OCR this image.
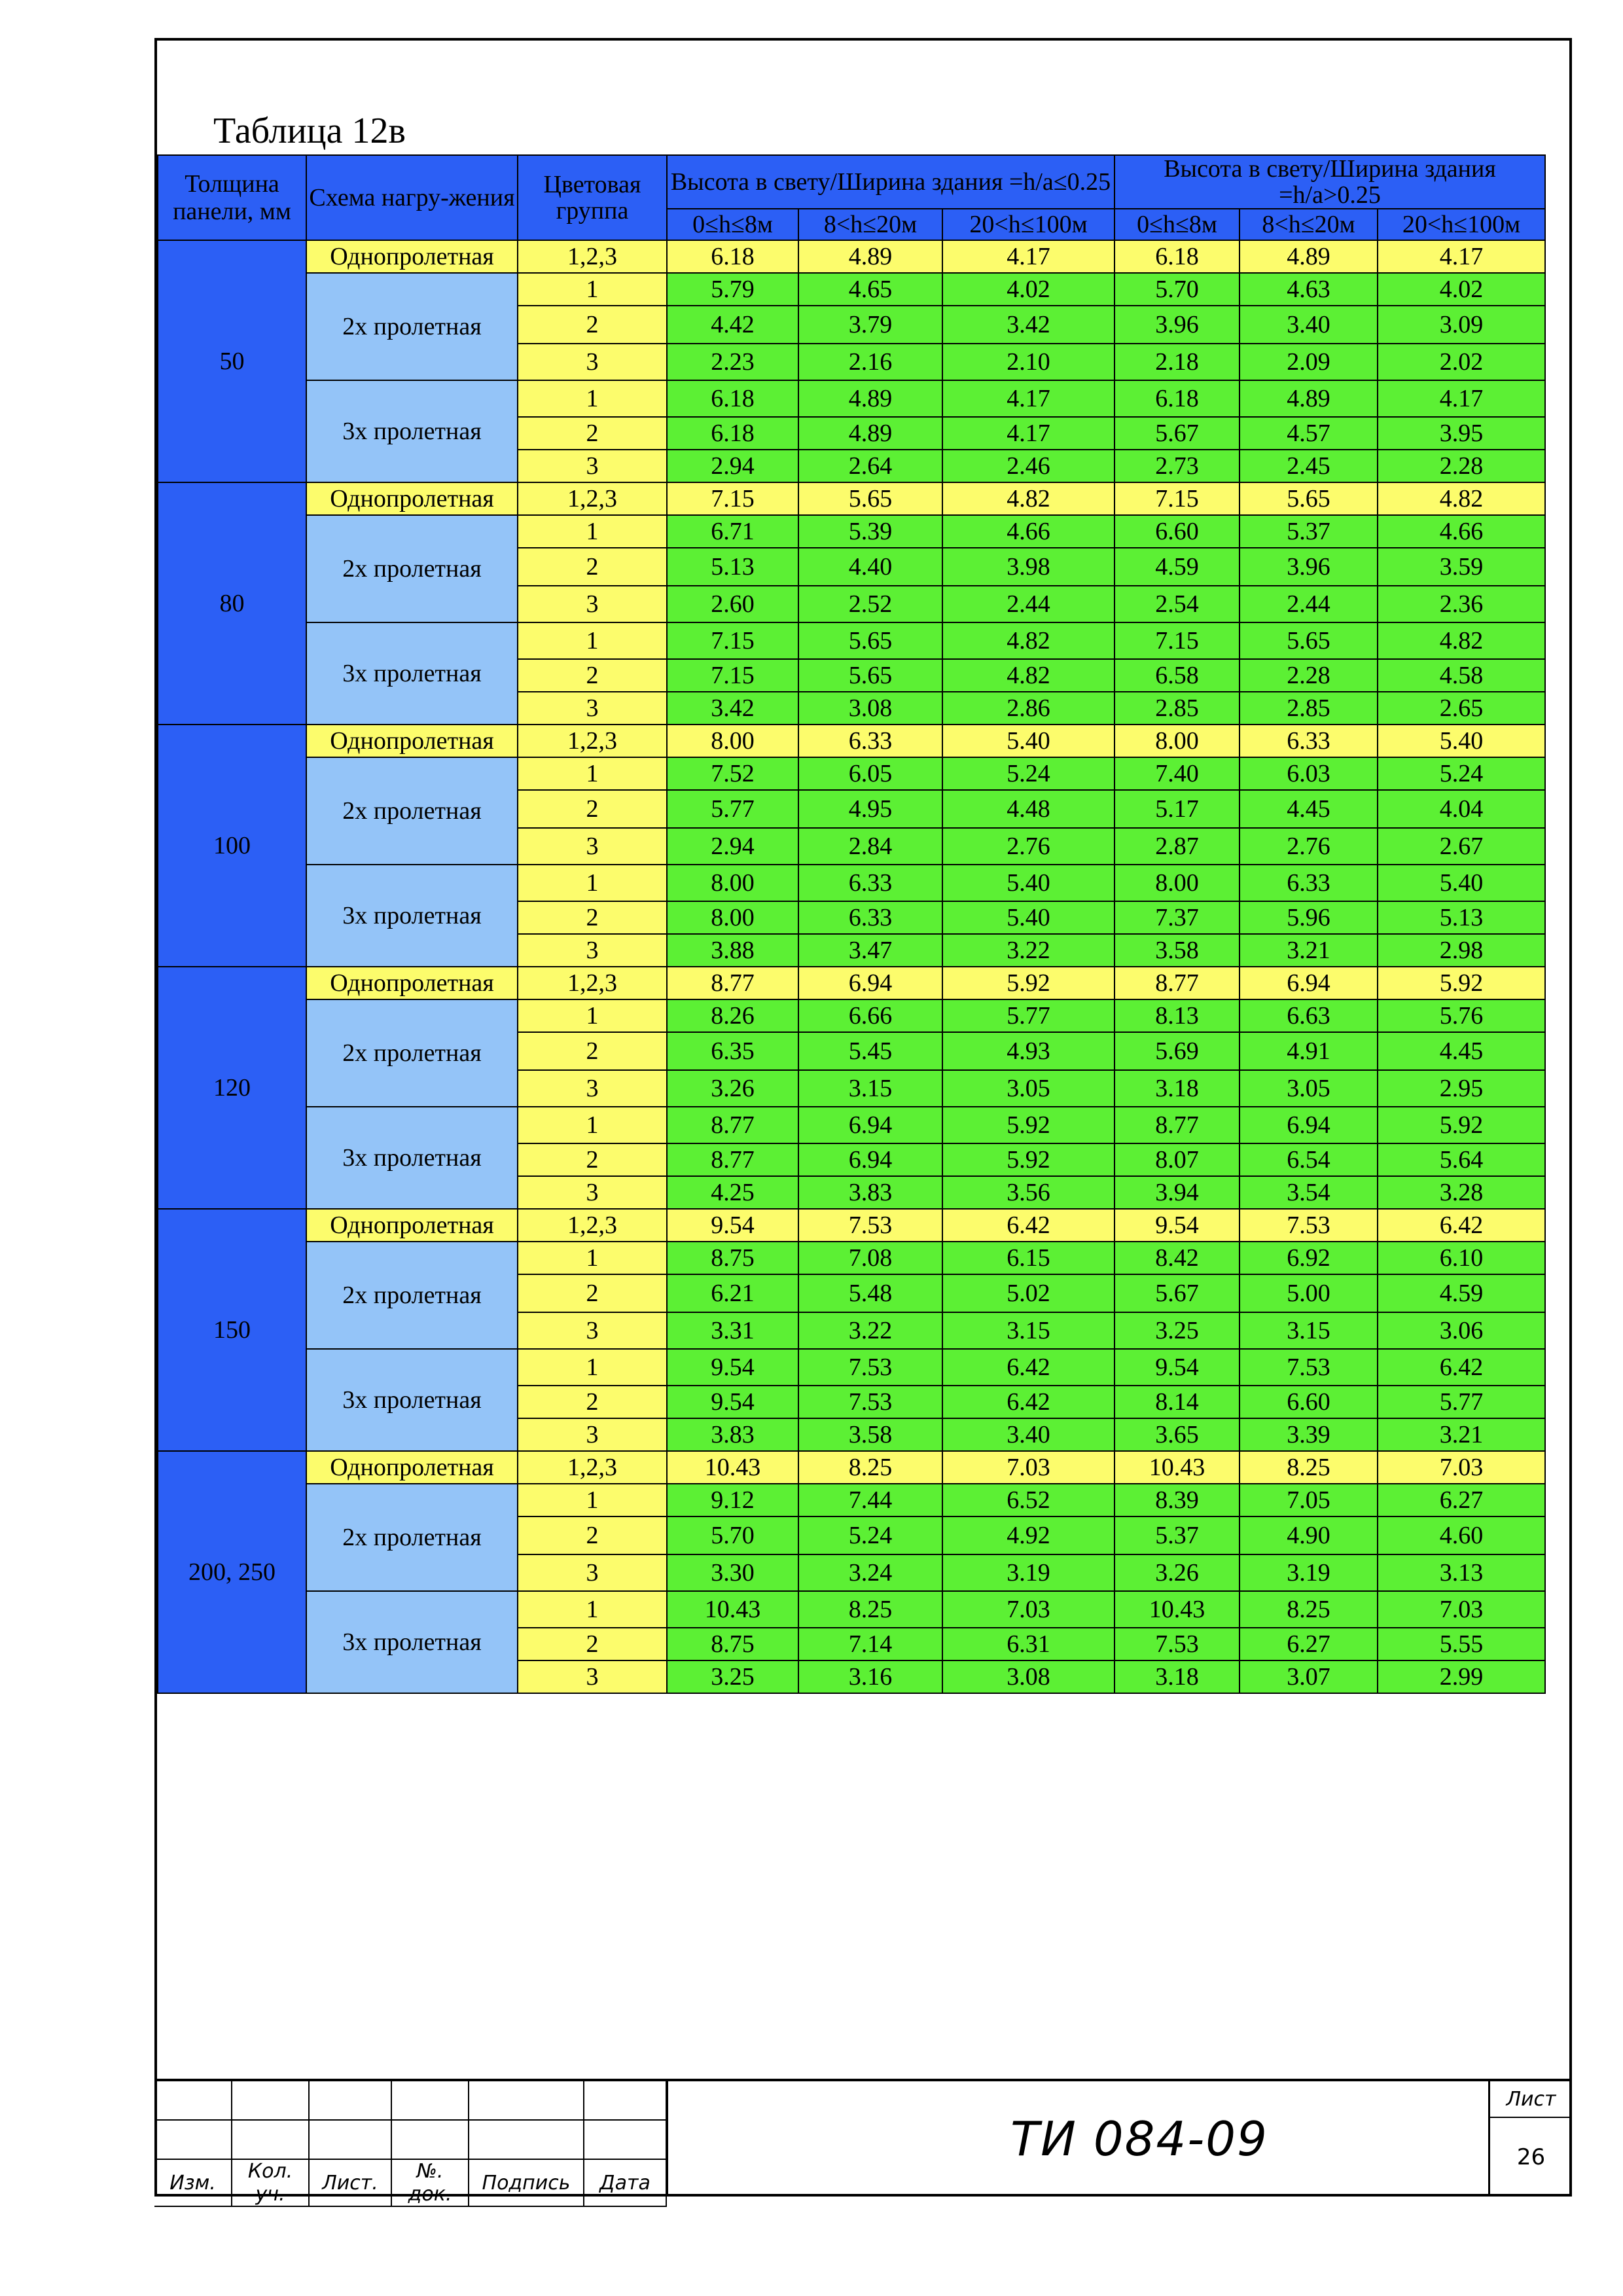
Таблица 12в
Толщина панели, мм	Схема нагру-жения	Цветовая группа	Высота в свету/Ширина здания =h/a≤0.25			Высота в свету/Ширина здания =h/a>0.25		
			0≤h≤8м	8<h≤20м	20<h≤100м	0≤h≤8м	8<h≤20м	20<h≤100м
50	Однопролетная	1,2,3	6.18	4.89	4.17	6.18	4.89	4.17
	2х пролетная	1	5.79	4.65	4.02	5.70	4.63	4.02
		2	4.42	3.79	3.42	3.96	3.40	3.09
		3	2.23	2.16	2.10	2.18	2.09	2.02
	3х пролетная	1	6.18	4.89	4.17	6.18	4.89	4.17
		2	6.18	4.89	4.17	5.67	4.57	3.95
		3	2.94	2.64	2.46	2.73	2.45	2.28
80	Однопролетная	1,2,3	7.15	5.65	4.82	7.15	5.65	4.82
	2х пролетная	1	6.71	5.39	4.66	6.60	5.37	4.66
		2	5.13	4.40	3.98	4.59	3.96	3.59
		3	2.60	2.52	2.44	2.54	2.44	2.36
	3х пролетная	1	7.15	5.65	4.82	7.15	5.65	4.82
		2	7.15	5.65	4.82	6.58	2.28	4.58
		3	3.42	3.08	2.86	2.85	2.85	2.65
100	Однопролетная	1,2,3	8.00	6.33	5.40	8.00	6.33	5.40
	2х пролетная	1	7.52	6.05	5.24	7.40	6.03	5.24
		2	5.77	4.95	4.48	5.17	4.45	4.04
		3	2.94	2.84	2.76	2.87	2.76	2.67
	3х пролетная	1	8.00	6.33	5.40	8.00	6.33	5.40
		2	8.00	6.33	5.40	7.37	5.96	5.13
		3	3.88	3.47	3.22	3.58	3.21	2.98
120	Однопролетная	1,2,3	8.77	6.94	5.92	8.77	6.94	5.92
	2х пролетная	1	8.26	6.66	5.77	8.13	6.63	5.76
		2	6.35	5.45	4.93	5.69	4.91	4.45
		3	3.26	3.15	3.05	3.18	3.05	2.95
	3х пролетная	1	8.77	6.94	5.92	8.77	6.94	5.92
		2	8.77	6.94	5.92	8.07	6.54	5.64
		3	4.25	3.83	3.56	3.94	3.54	3.28
150	Однопролетная	1,2,3	9.54	7.53	6.42	9.54	7.53	6.42
	2х пролетная	1	8.75	7.08	6.15	8.42	6.92	6.10
		2	6.21	5.48	5.02	5.67	5.00	4.59
		3	3.31	3.22	3.15	3.25	3.15	3.06
	3х пролетная	1	9.54	7.53	6.42	9.54	7.53	6.42
		2	9.54	7.53	6.42	8.14	6.60	5.77
		3	3.83	3.58	3.40	3.65	3.39	3.21
200, 250	Однопролетная	1,2,3	10.43	8.25	7.03	10.43	8.25	7.03
	2х пролетная	1	9.12	7.44	6.52	8.39	7.05	6.27
		2	5.70	5.24	4.92	5.37	4.90	4.60
		3	3.30	3.24	3.19	3.26	3.19	3.13
	3х пролетная	1	10.43	8.25	7.03	10.43	8.25	7.03
		2	8.75	7.14	6.31	7.53	6.27	5.55
		3	3.25	3.16	3.08	3.18	3.07	2.99

Изм.	Кол. уч.	Лист.	№. док.	Подпись	Дата
ТИ 084-09
Лист
26
